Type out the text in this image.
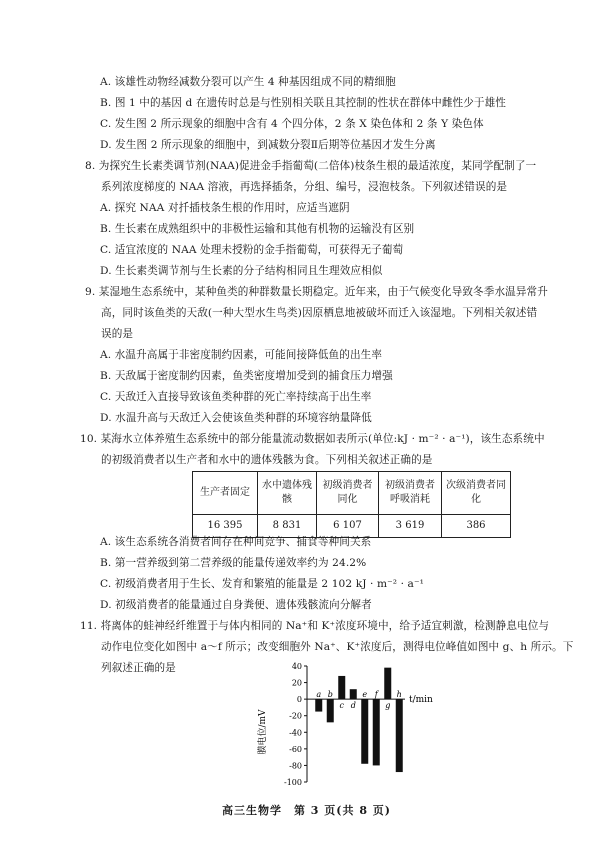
A. 该雄性动物经减数分裂可以产生 4 种基因组成不同的精细胞
B. 图 1 中的基因 d 在遗传时总是与性别相关联且其控制的性状在群体中雌性少于雄性
C. 发生图 2 所示现象的细胞中含有 4 个四分体，2 条 X 染色体和 2 条 Y 染色体
D. 发生图 2 所示现象的细胞中，到减数分裂Ⅱ后期等位基因才发生分离
8. 为探究生长素类调节剂(NAA)促进金手指葡萄(二倍体)枝条生根的最适浓度，某同学配制了一
系列浓度梯度的 NAA 溶液，再选择插条，分组、编号，浸泡枝条。下列叙述错误的是
A. 探究 NAA 对扦插枝条生根的作用时，应适当遮阴
B. 生长素在成熟组织中的非极性运输和其他有机物的运输没有区别
C. 适宜浓度的 NAA 处理未授粉的金手指葡萄，可获得无子葡萄
D. 生长素类调节剂与生长素的分子结构相同且生理效应相似
9. 某湿地生态系统中，某种鱼类的种群数量长期稳定。近年来，由于气候变化导致冬季水温异常升
高，同时该鱼类的天敌(一种大型水生鸟类)因原栖息地被破坏而迁入该湿地。下列相关叙述错
误的是
A. 水温升高属于非密度制约因素，可能间接降低鱼的出生率
B. 天敌属于密度制约因素，鱼类密度增加受到的捕食压力增强
C. 天敌迁入直接导致该鱼类种群的死亡率持续高于出生率
D. 水温升高与天敌迁入会使该鱼类种群的环境容纳量降低
10. 某海水立体养殖生态系统中的部分能量流动数据如表所示(单位:kJ · m⁻² · a⁻¹)，该生态系统中
的初级消费者以生产者和水中的遗体残骸为食。下列相关叙述正确的是
生产者固定	水中遗体残骸	初级消费者同化	初级消费者呼吸消耗	次级消费者同化
16 395	8 831	6 107	3 619	386
A. 该生态系统各消费者间存在种间竞争、捕食等种间关系
B. 第一营养级到第二营养级的能量传递效率约为 24.2%
C. 初级消费者用于生长、发育和繁殖的能量是 2 102 kJ · m⁻² · a⁻¹
D. 初级消费者的能量通过自身粪便、遗体残骸流向分解者
11. 将离体的蛙神经纤维置于与体内相同的 Na⁺和 K⁺浓度环境中，给予适宜刺激，检测静息电位与
动作电位变化如图中 a～f 所示；改变细胞外 Na⁺、K⁺浓度后，测得电位峰值如图中 g、h 所示。下
列叙述正确的是	40
20
0
-20
-40
-60
-80
-100
a b
c d
e f
g
h
膜电位/mV
t/min
高三生物学　第 3 页(共 8 页)
